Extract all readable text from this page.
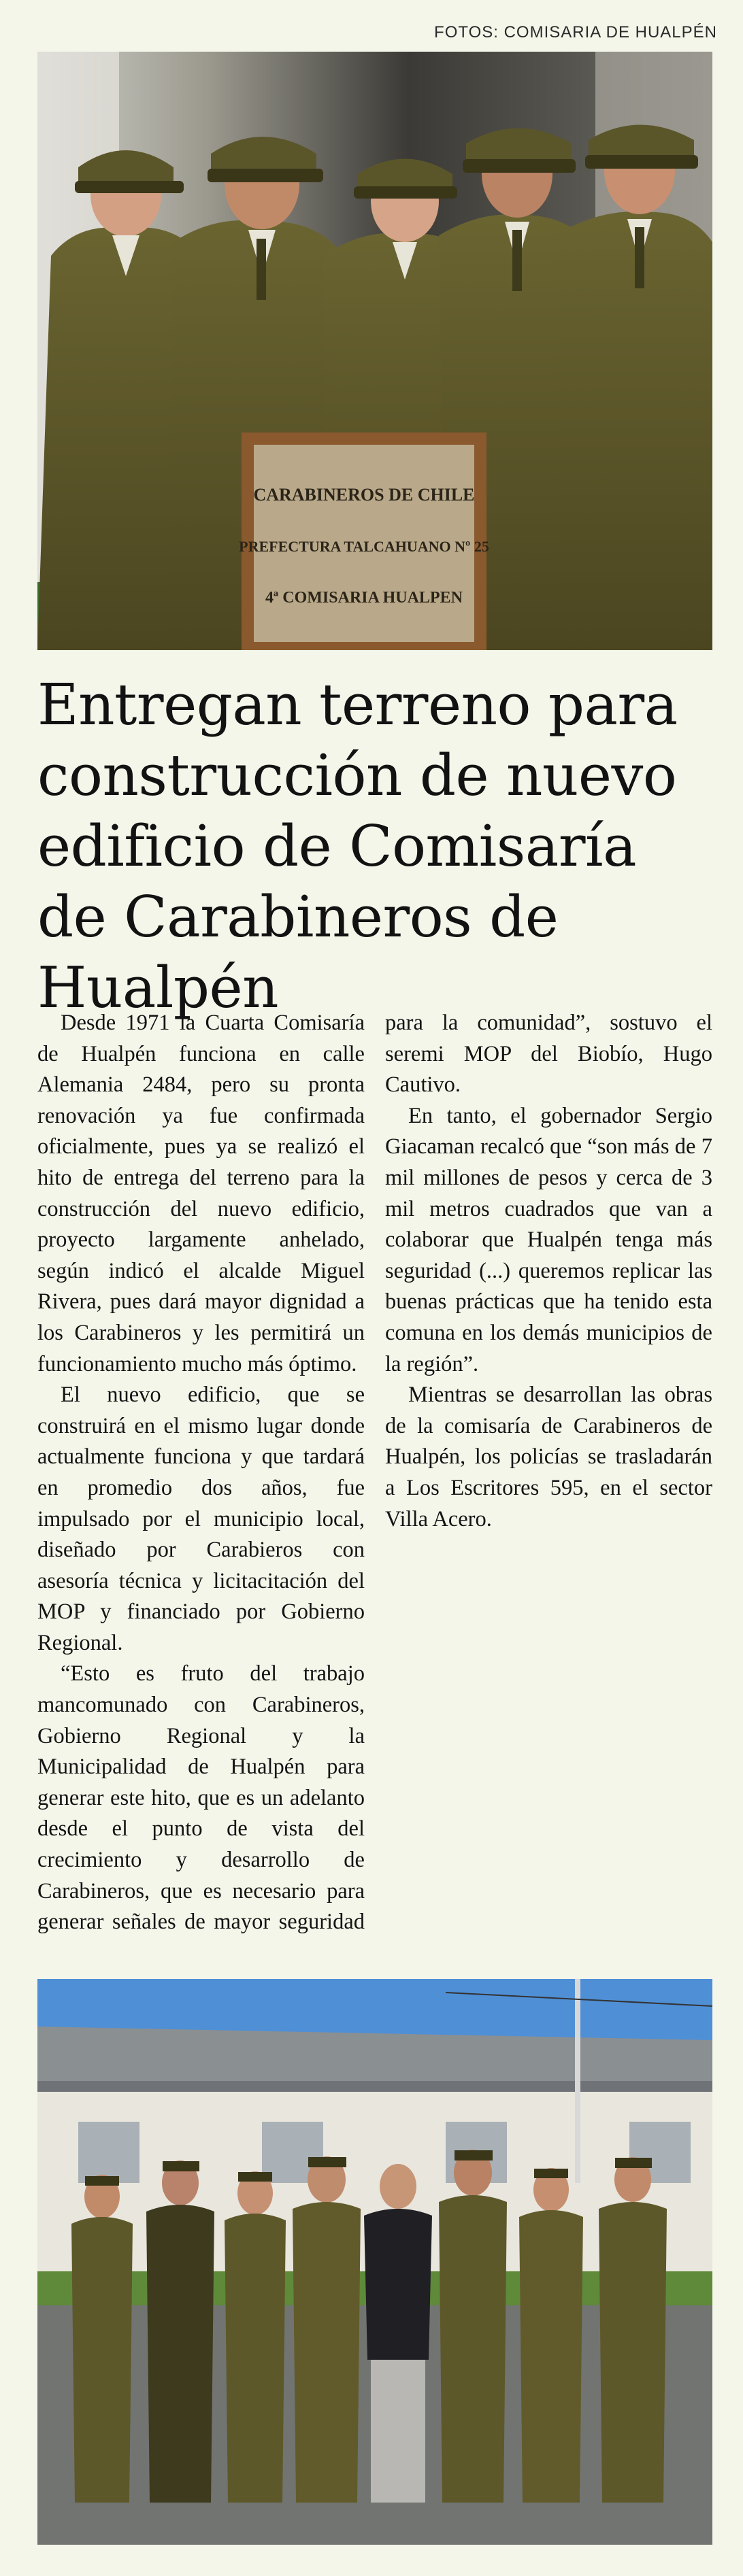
FOTOS: COMISARIA DE HUALPÉN
CARABINEROS DE CHILE
PREFECTURA TALCAHUANO Nº 25
4ª COMISARIA HUALPEN
Entregan terreno para construcción de nuevo edificio de Comisaría de Carabineros de Hualpén

Desde 1971 la Cuarta Comisaría de Hualpén funciona en calle Alemania 2484, pero su pronta renovación ya fue confirmada oficialmente, pues ya se realizó el hito de entrega del terreno para la construcción del nuevo edificio, proyecto largamente anhelado, según indicó el alcalde Miguel Rivera, pues dará mayor dignidad a los Carabineros y les permitirá un funcionamiento mucho más óptimo.

El nuevo edificio, que se construirá en el mismo lugar donde actualmente funciona y que tardará en promedio dos años, fue impulsado por el municipio local, diseñado por Carabieros con asesoría técnica y licitacitación del MOP y financiado por Gobierno Regional.

“Esto es fruto del trabajo mancomunado con Carabineros, Gobierno Regional y la Municipalidad de Hualpén para generar este hito, que es un adelanto desde el punto de vista del crecimiento y desarrollo de Carabineros, que es necesario para generar señales de mayor seguridad para la comunidad”, sostuvo el seremi MOP del Biobío, Hugo Cautivo.

En tanto, el gobernador Sergio Giacaman recalcó que “son más de 7 mil millones de pesos y cerca de 3 mil metros cuadrados que van a colaborar que Hualpén tenga más seguridad (...) queremos replicar las buenas prácticas que ha tenido esta comuna en los demás municipios de la región”.

Mientras se desarrollan las obras de la comisaría de Carabineros de Hualpén, los policías se trasladarán a Los Escritores 595, en el sector Villa Acero.
